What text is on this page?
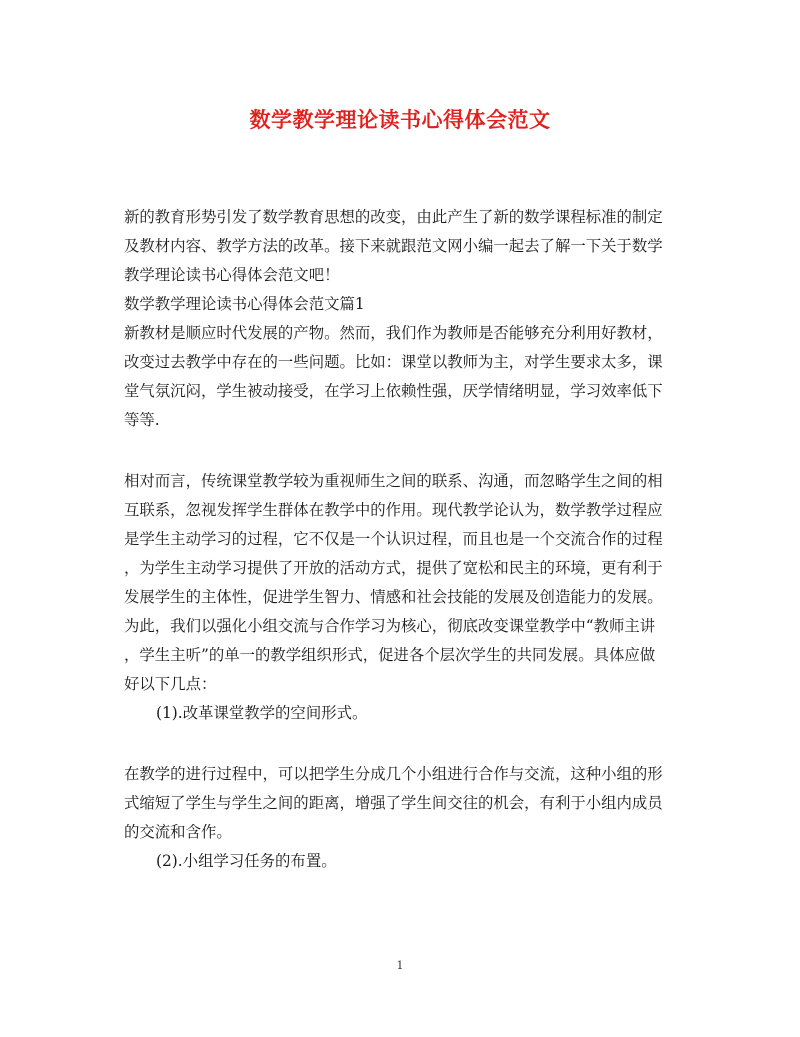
数学教学理论读书心得体会范文
新的教育形势引发了数学教育思想的改变，由此产生了新的数学课程标准的制定
及教材内容、教学方法的改革。接下来就跟范文网小编一起去了解一下关于数学
教学理论读书心得体会范文吧！
数学教学理论读书心得体会范文篇1
新教材是顺应时代发展的产物。然而，我们作为教师是否能够充分利用好教材，
改变过去教学中存在的一些问题。比如：课堂以教师为主，对学生要求太多，课
堂气氛沉闷，学生被动接受，在学习上依赖性强，厌学情绪明显，学习效率低下
等等.
相对而言，传统课堂教学较为重视师生之间的联系、沟通，而忽略学生之间的相
互联系，忽视发挥学生群体在教学中的作用。现代教学论认为，数学教学过程应
是学生主动学习的过程，它不仅是一个认识过程，而且也是一个交流合作的过程
，为学生主动学习提供了开放的活动方式，提供了宽松和民主的环境，更有利于
发展学生的主体性，促进学生智力、情感和社会技能的发展及创造能力的发展。
为此，我们以强化小组交流与合作学习为核心，彻底改变课堂教学中“教师主讲
，学生主听”的单一的教学组织形式，促进各个层次学生的共同发展。具体应做
好以下几点：
(1).改革课堂教学的空间形式。
在教学的进行过程中，可以把学生分成几个小组进行合作与交流，这种小组的形
式缩短了学生与学生之间的距离，增强了学生间交往的机会，有利于小组内成员
的交流和含作。
(2).小组学习任务的布置。
1
